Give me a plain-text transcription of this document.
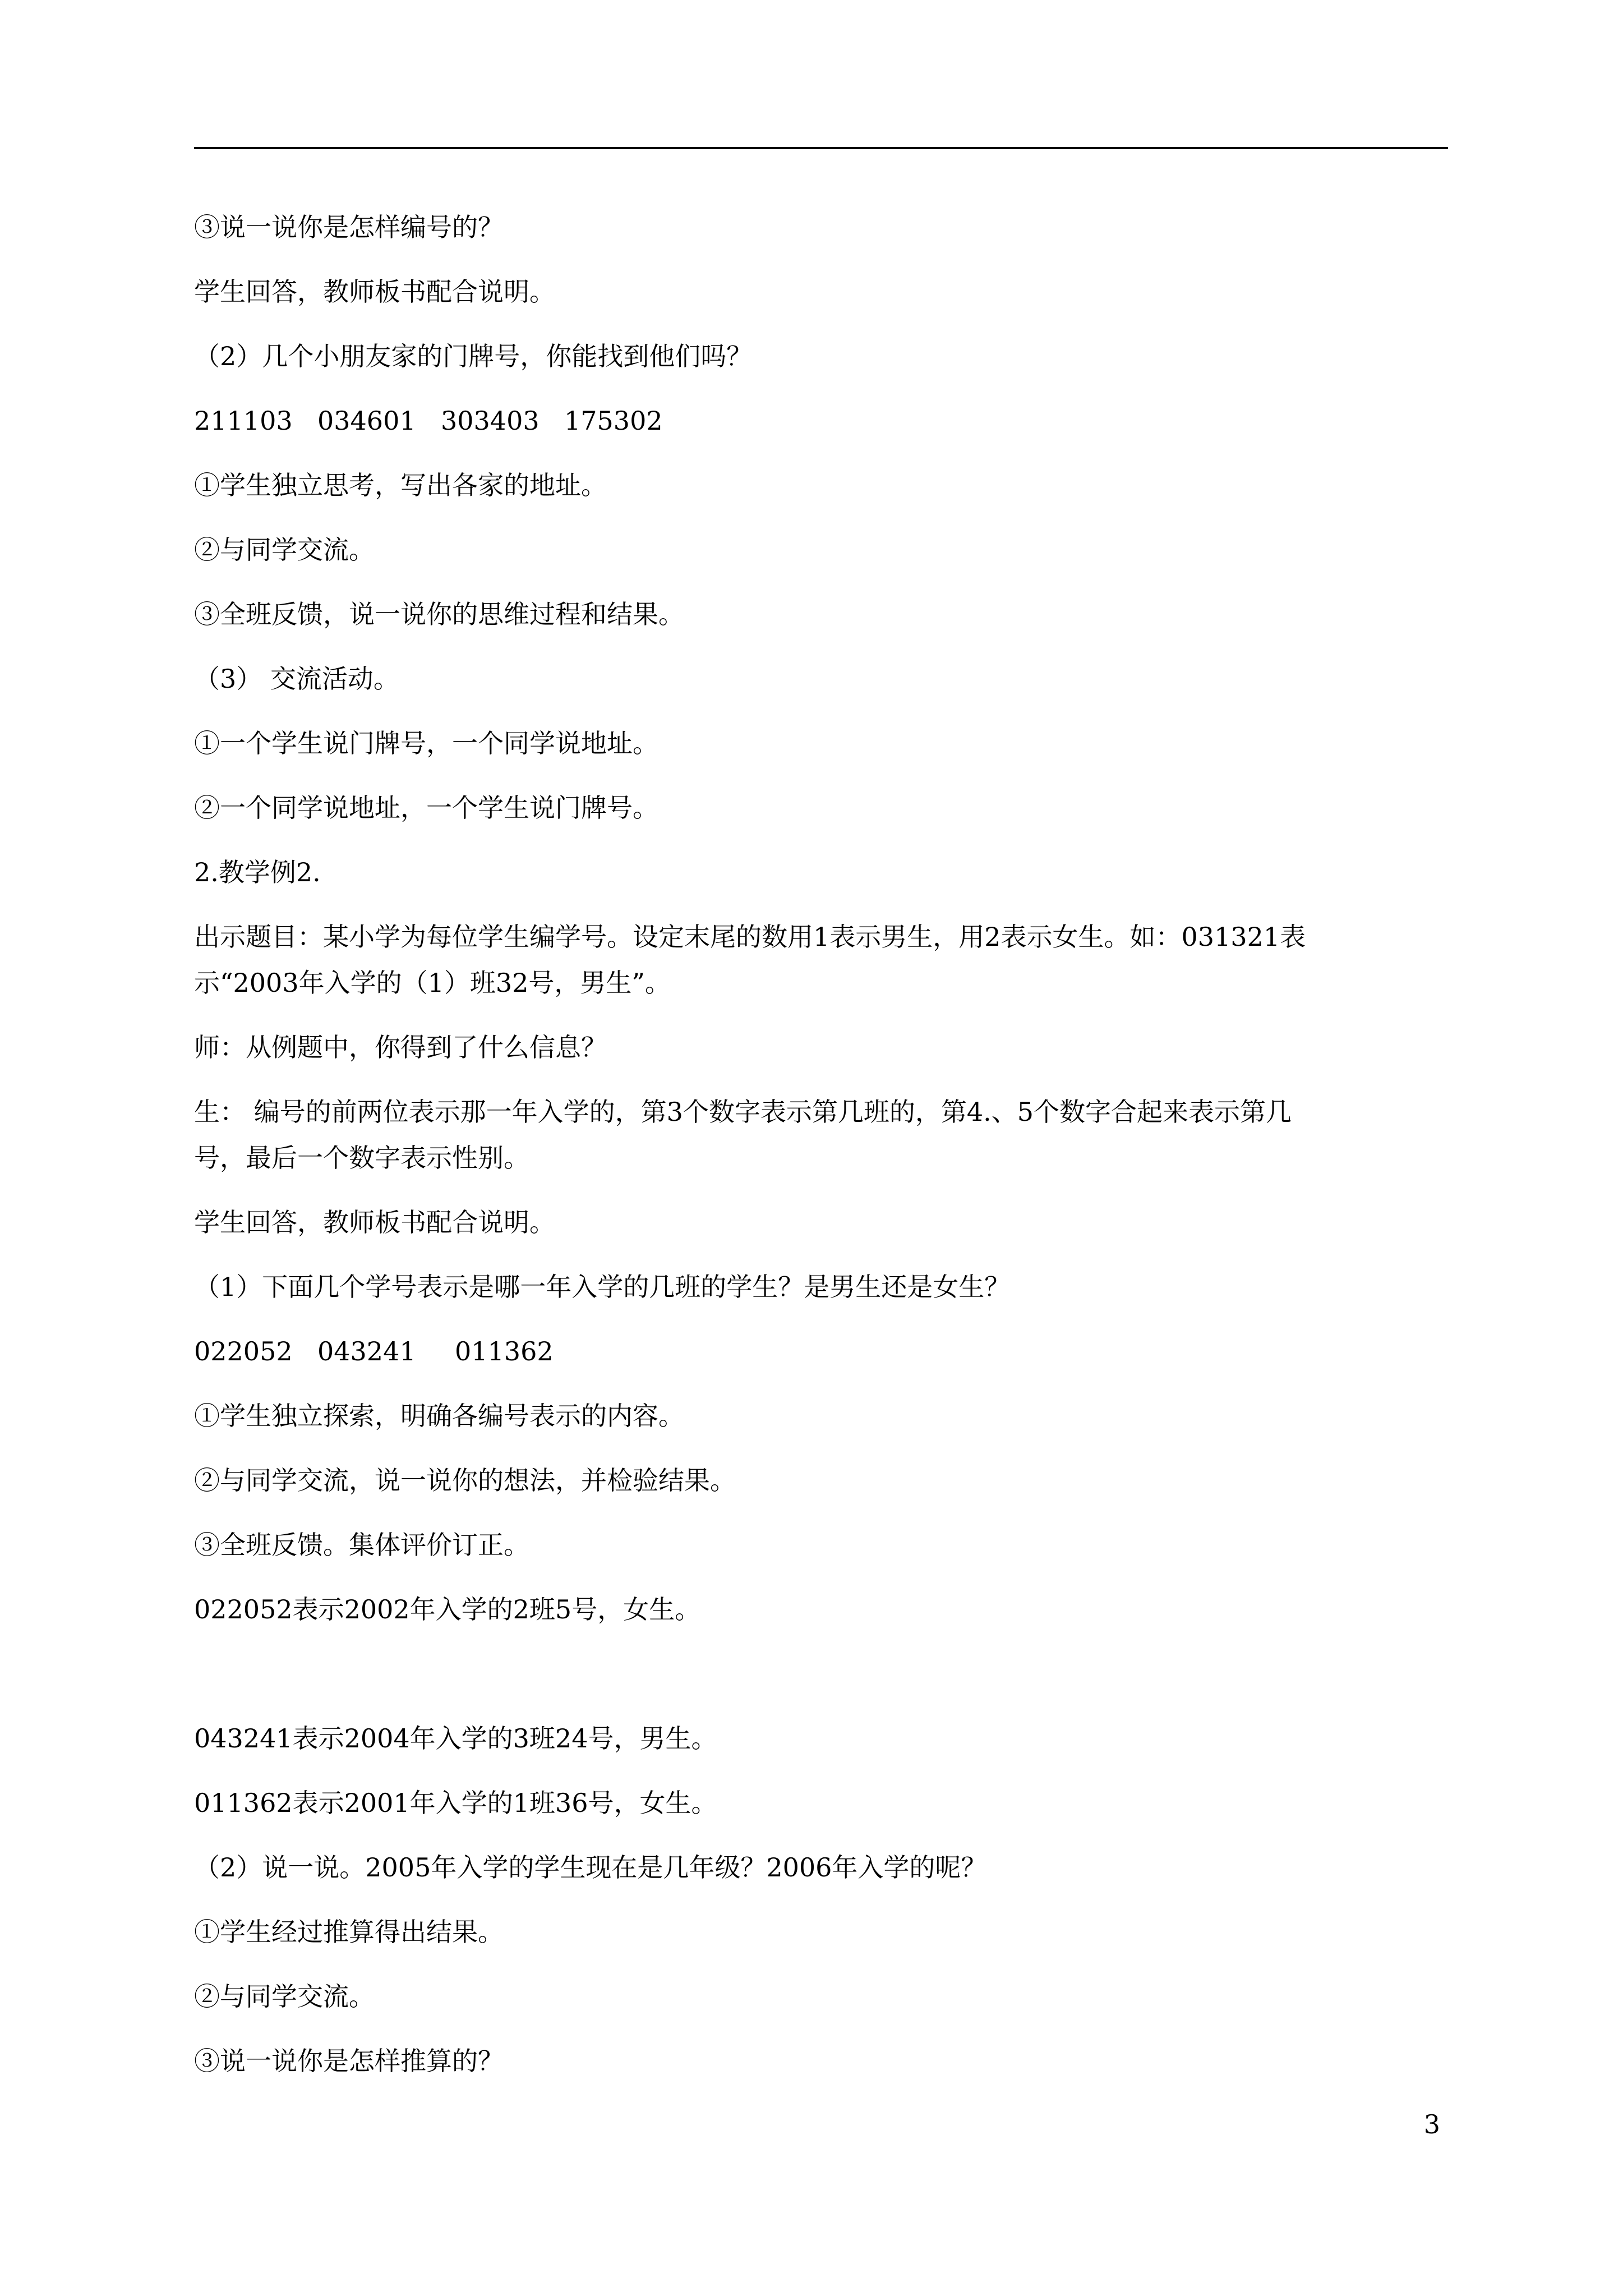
③说一说你是怎样编号的？
学生回答，教师板书配合说明。
（2）几个小朋友家的门牌号，你能找到他们吗？
211103 034601 303403 175302
①学生独立思考，写出各家的地址。
②与同学交流。
③全班反馈，说一说你的思维过程和结果。
（3） 交流活动。
①一个学生说门牌号，一个同学说地址。
②一个同学说地址，一个学生说门牌号。
2.教学例2.
出示题目：某小学为每位学生编学号。设定末尾的数用1表示男生，用2表示女生。如：031321表
示“2003年入学的（1）班32号，男生”。
师：从例题中，你得到了什么信息？
生： 编号的前两位表示那一年入学的，第3个数字表示第几班的，第4.、5个数字合起来表示第几
号，最后一个数字表示性别。
学生回答，教师板书配合说明。
（1）下面几个学号表示是哪一年入学的几班的学生？是男生还是女生？
022052 043241 011362
①学生独立探索，明确各编号表示的内容。
②与同学交流，说一说你的想法，并检验结果。
③全班反馈。集体评价订正。
022052表示2002年入学的2班5号，女生。
043241表示2004年入学的3班24号，男生。
011362表示2001年入学的1班36号，女生。
（2）说一说。2005年入学的学生现在是几年级？2006年入学的呢？
①学生经过推算得出结果。
②与同学交流。
③说一说你是怎样推算的？
3
